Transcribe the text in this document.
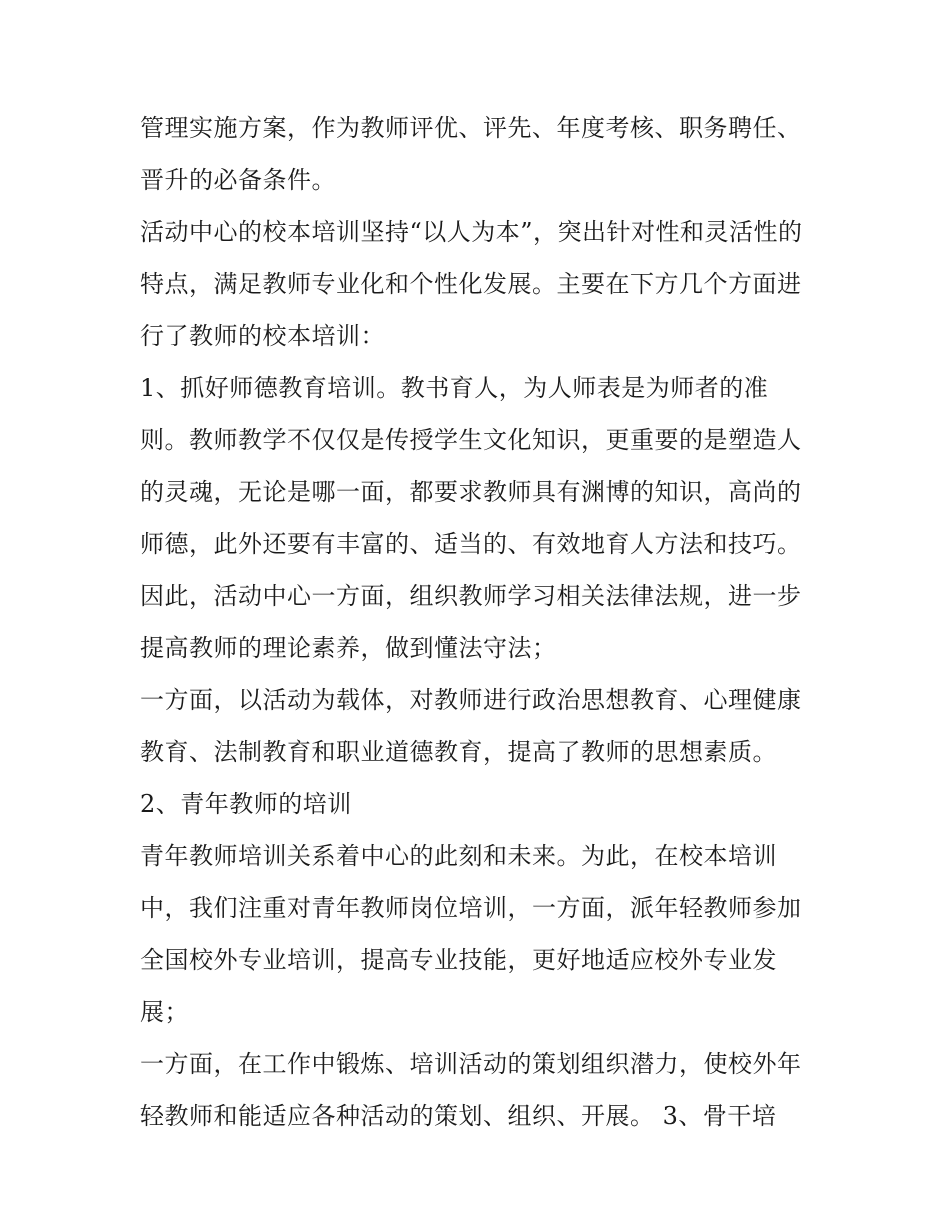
管理实施方案，作为教师评优、评先、年度考核、职务聘任、
晋升的必备条件。
活动中心的校本培训坚持“以人为本”，突出针对性和灵活性的
特点，满足教师专业化和个性化发展。主要在下方几个方面进
行了教师的校本培训：
1、抓好师德教育培训。教书育人，为人师表是为师者的准
则。教师教学不仅仅是传授学生文化知识，更重要的是塑造人
的灵魂，无论是哪一面，都要求教师具有渊博的知识，高尚的
师德，此外还要有丰富的、适当的、有效地育人方法和技巧。
因此，活动中心一方面，组织教师学习相关法律法规，进一步
提高教师的理论素养，做到懂法守法；
一方面，以活动为载体，对教师进行政治思想教育、心理健康
教育、法制教育和职业道德教育，提高了教师的思想素质。
2、青年教师的培训
青年教师培训关系着中心的此刻和未来。为此，在校本培训
中，我们注重对青年教师岗位培训，一方面，派年轻教师参加
全国校外专业培训，提高专业技能，更好地适应校外专业发
展；
一方面，在工作中锻炼、培训活动的策划组织潜力，使校外年
轻教师和能适应各种活动的策划、组织、开展。 3、骨干培
